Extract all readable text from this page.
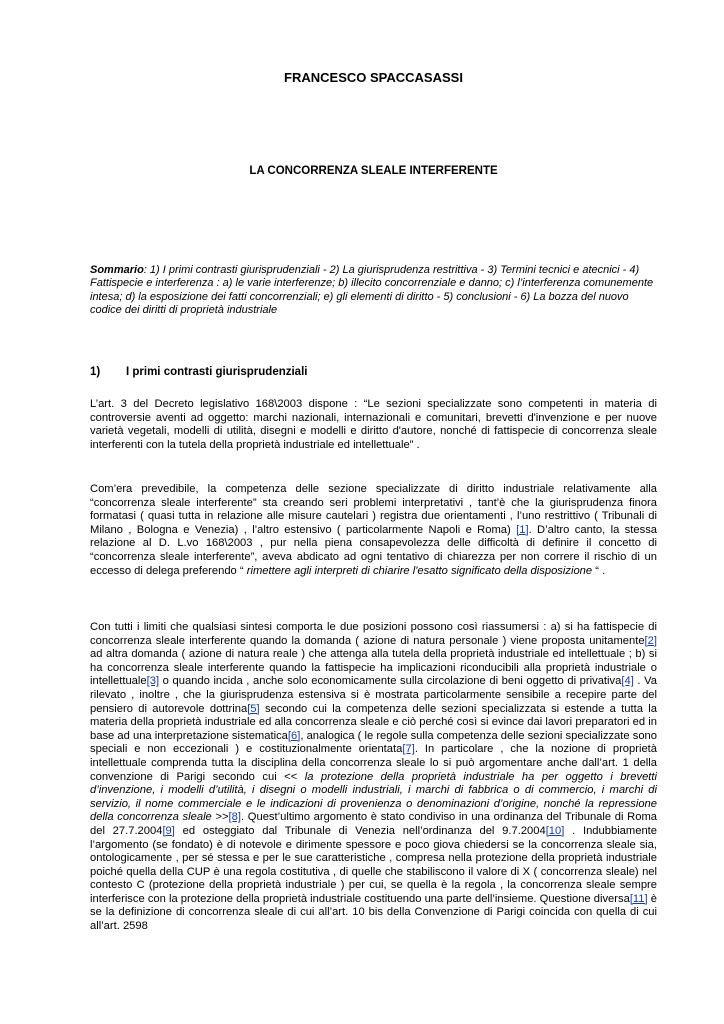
FRANCESCO SPACCASASSI
LA CONCORRENZA SLEALE INTERFERENTE
Sommario: 1) I primi contrasti giurisprudenziali - 2) La giurisprudenza restrittiva - 3) Termini tecnici e atecnici - 4) Fattispecie e interferenza : a) le varie interferenze; b) illecito concorrenziale e danno; c) l’interferenza comunemente intesa; d) la esposizione dei fatti concorrenziali; e) gli elementi di diritto - 5) conclusioni - 6) La bozza del nuovo codice dei diritti di proprietà industriale
1) I primi contrasti giurisprudenziali
L’art. 3 del Decreto legislativo 168\2003 dispone : “Le sezioni specializzate sono competenti in materia di controversie aventi ad oggetto: marchi nazionali, internazionali e comunitari, brevetti d'invenzione e per nuove varietà vegetali, modelli di utilità, disegni e modelli e diritto d'autore, nonché di fattispecie di concorrenza sleale interferenti con la tutela della proprietà industriale ed intellettuale” .
Com’era prevedibile, la competenza delle sezione specializzate di diritto industriale relativamente alla “concorrenza sleale interferente” sta creando seri problemi interpretativi , tant’è che la giurisprudenza finora formatasi ( quasi tutta in relazione alle misure cautelari ) registra due orientamenti , l’uno restrittivo ( Tribunali di Milano , Bologna e Venezia) , l’altro estensivo ( particolarmente Napoli e Roma) [1]. D’altro canto, la stessa relazione al D. L.vo 168\2003 , pur nella piena consapevolezza delle difficoltà di definire il concetto di “concorrenza sleale interferente”, aveva abdicato ad ogni tentativo di chiarezza per non correre il rischio di un eccesso di delega preferendo “ rimettere agli interpreti di chiarire l'esatto significato della disposizione “ .
Con tutti i limiti che qualsiasi sintesi comporta le due posizioni possono così riassumersi : a) si ha fattispecie di concorrenza sleale interferente quando la domanda ( azione di natura personale ) viene proposta unitamente[2] ad altra domanda ( azione di natura reale ) che attenga alla tutela della proprietà industriale ed intellettuale ; b) si ha concorrenza sleale interferente quando la fattispecie ha implicazioni riconducibili alla proprietà industriale o intellettuale[3] o quando incida , anche solo economicamente sulla circolazione di beni oggetto di privativa[4] . Va rilevato , inoltre , che la giurisprudenza estensiva si è mostrata particolarmente sensibile a recepire parte del pensiero di autorevole dottrina[5] secondo cui la competenza delle sezioni specializzata si estende a tutta la materia della proprietà industriale ed alla concorrenza sleale e ciò perché così si evince dai lavori preparatori ed in base ad una interpretazione sistematica[6], analogica ( le regole sulla competenza delle sezioni specializzate sono speciali e non eccezionali ) e costituzionalmente orientata[7]. In particolare , che la nozione di proprietà intellettuale comprenda tutta la disciplina della concorrenza sleale lo si può argomentare anche dall’art. 1 della convenzione di Parigi secondo cui << la protezione della proprietà industriale ha per oggetto i brevetti d’invenzione, i modelli d’utilità, i disegni o modelli industriali, i marchi di fabbrica o di commercio, i marchi di servizio, il nome commerciale e le indicazioni di provenienza o denominazioni d’origine, nonché la repressione della concorrenza sleale >>[8]. Quest’ultimo argomento è stato condiviso in una ordinanza del Tribunale di Roma del 27.7.2004[9] ed osteggiato dal Tribunale di Venezia nell’ordinanza del 9.7.2004[10] . Indubbiamente l’argomento (se fondato) è di notevole e dirimente spessore e poco giova chiedersi se la concorrenza sleale sia, ontologicamente , per sé stessa e per le sue caratteristiche , compresa nella protezione della proprietà industriale poiché quella della CUP è una regola costitutiva , di quelle che stabiliscono il valore di X ( concorrenza sleale) nel contesto C (protezione della proprietà industriale ) per cui, se quella è la regola , la concorrenza sleale sempre interferisce con la protezione della proprietà industriale costituendo una parte dell’insieme. Questione diversa[11] è se la definizione di concorrenza sleale di cui all’art. 10 bis della Convenzione di Parigi coincida con quella di cui all’art. 2598
